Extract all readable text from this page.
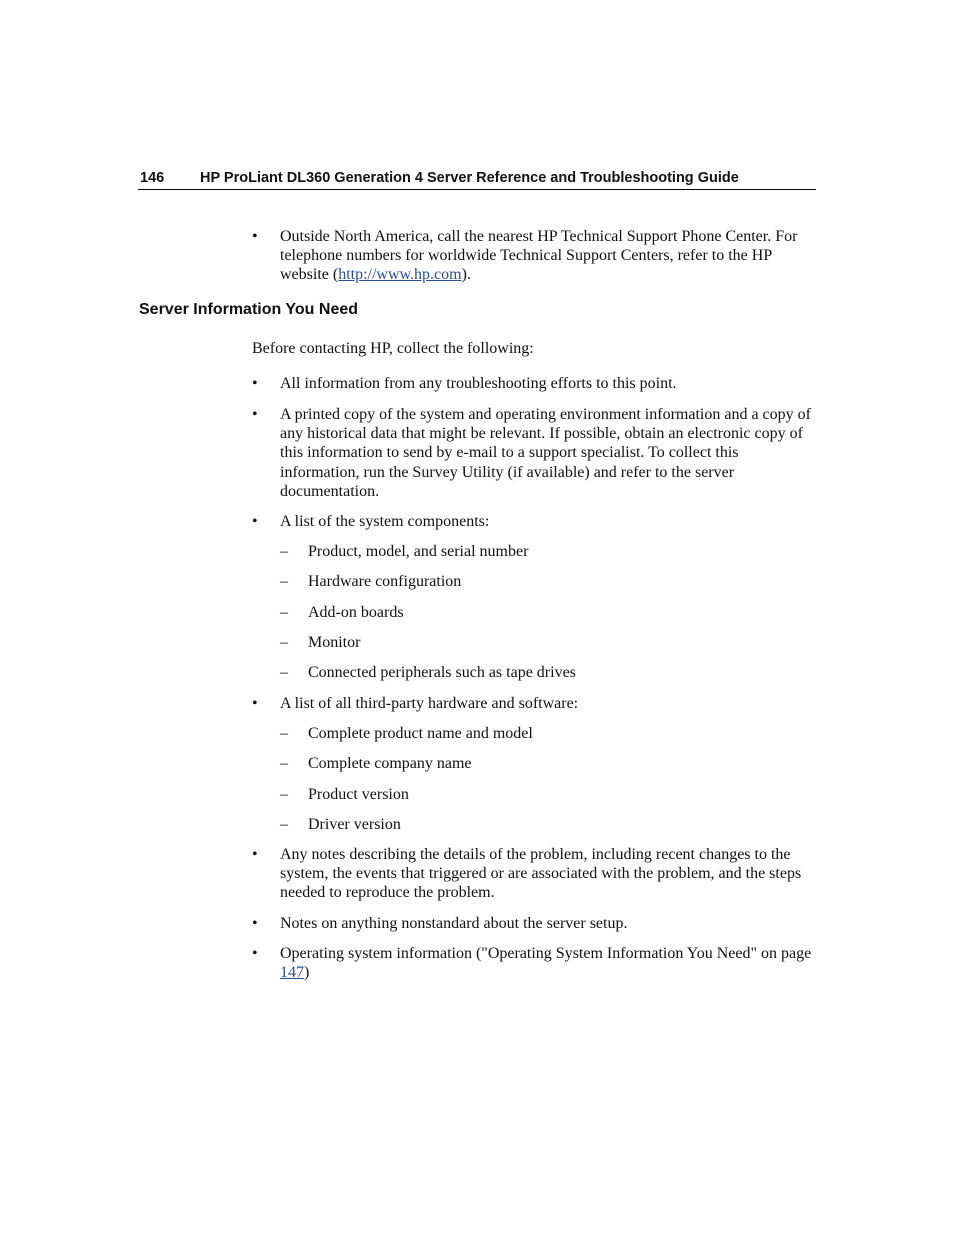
146 HP ProLiant DL360 Generation 4 Server Reference and Troubleshooting Guide
•	Outside North America, call the nearest HP Technical Support Phone Center. For telephone numbers for worldwide Technical Support Centers, refer to the HP website (http://www.hp.com).
Server Information You Need
Before contacting HP, collect the following:
•	All information from any troubleshooting efforts to this point.
•	A printed copy of the system and operating environment information and a copy of any historical data that might be relevant. If possible, obtain an electronic copy of this information to send by e-mail to a support specialist. To collect this information, run the Survey Utility (if available) and refer to the server documentation.
•	A list of the system components:
– Product, model, and serial number
– Hardware configuration
– Add-on boards
– Monitor
– Connected peripherals such as tape drives
•	A list of all third-party hardware and software:
– Complete product name and model
– Complete company name
– Product version
– Driver version
•	Any notes describing the details of the problem, including recent changes to the system, the events that triggered or are associated with the problem, and the steps needed to reproduce the problem.
•	Notes on anything nonstandard about the server setup.
•	Operating system information ("Operating System Information You Need" on page 147)
